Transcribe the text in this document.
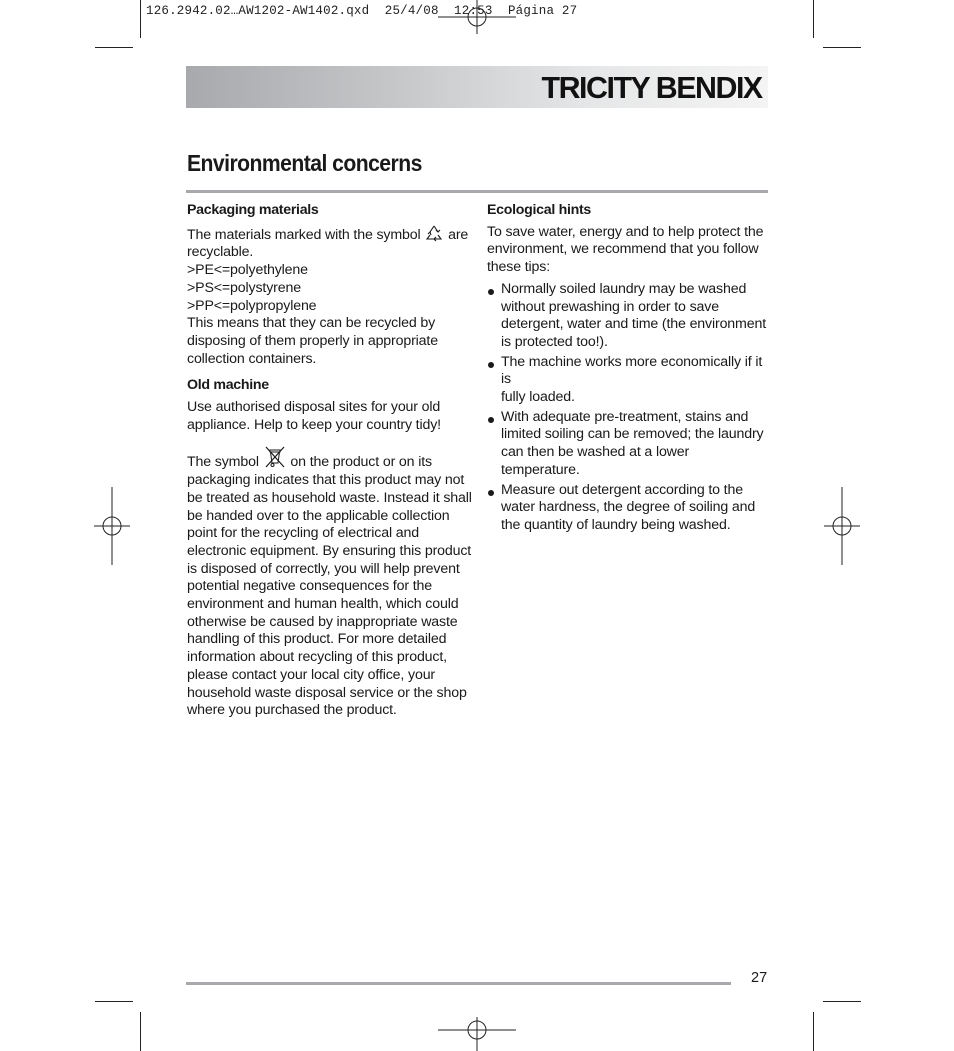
126.2942.02…AW1202-AW1402.qxd  25/4/08  12:53  Página 27
TRICITY BENDIX
Environmental concerns
Packaging materials
The materials marked with the symbol are
recyclable.
>PE<=polyethylene
>PS<=polystyrene
>PP<=polypropylene
This means that they can be recycled by
disposing of them properly in appropriate
collection containers.
Old machine
Use authorised disposal sites for your old
appliance. Help to keep your country tidy!
The symbol on the product or on its
packaging indicates that this product may not
be treated as household waste. Instead it shall
be handed over to the applicable collection
point for the recycling of electrical and
electronic equipment. By ensuring this product
is disposed of correctly, you will help prevent
potential negative consequences for the
environment and human health, which could
otherwise be caused by inappropriate waste
handling of this product. For more detailed
information about recycling of this product,
please contact your local city office, your
household waste disposal service or the shop
where you purchased the product.
Ecological hints
To save water, energy and to help protect the
environment, we recommend that you follow
these tips:
Normally soiled laundry may be washed
without prewashing in order to save
detergent, water and time (the environment
is protected too!).
The machine works more economically if it is
fully loaded.
With adequate pre-treatment, stains and
limited soiling can be removed; the laundry
can then be washed at a lower temperature.
Measure out detergent according to the
water hardness, the degree of soiling and
the quantity of laundry being washed.
27
